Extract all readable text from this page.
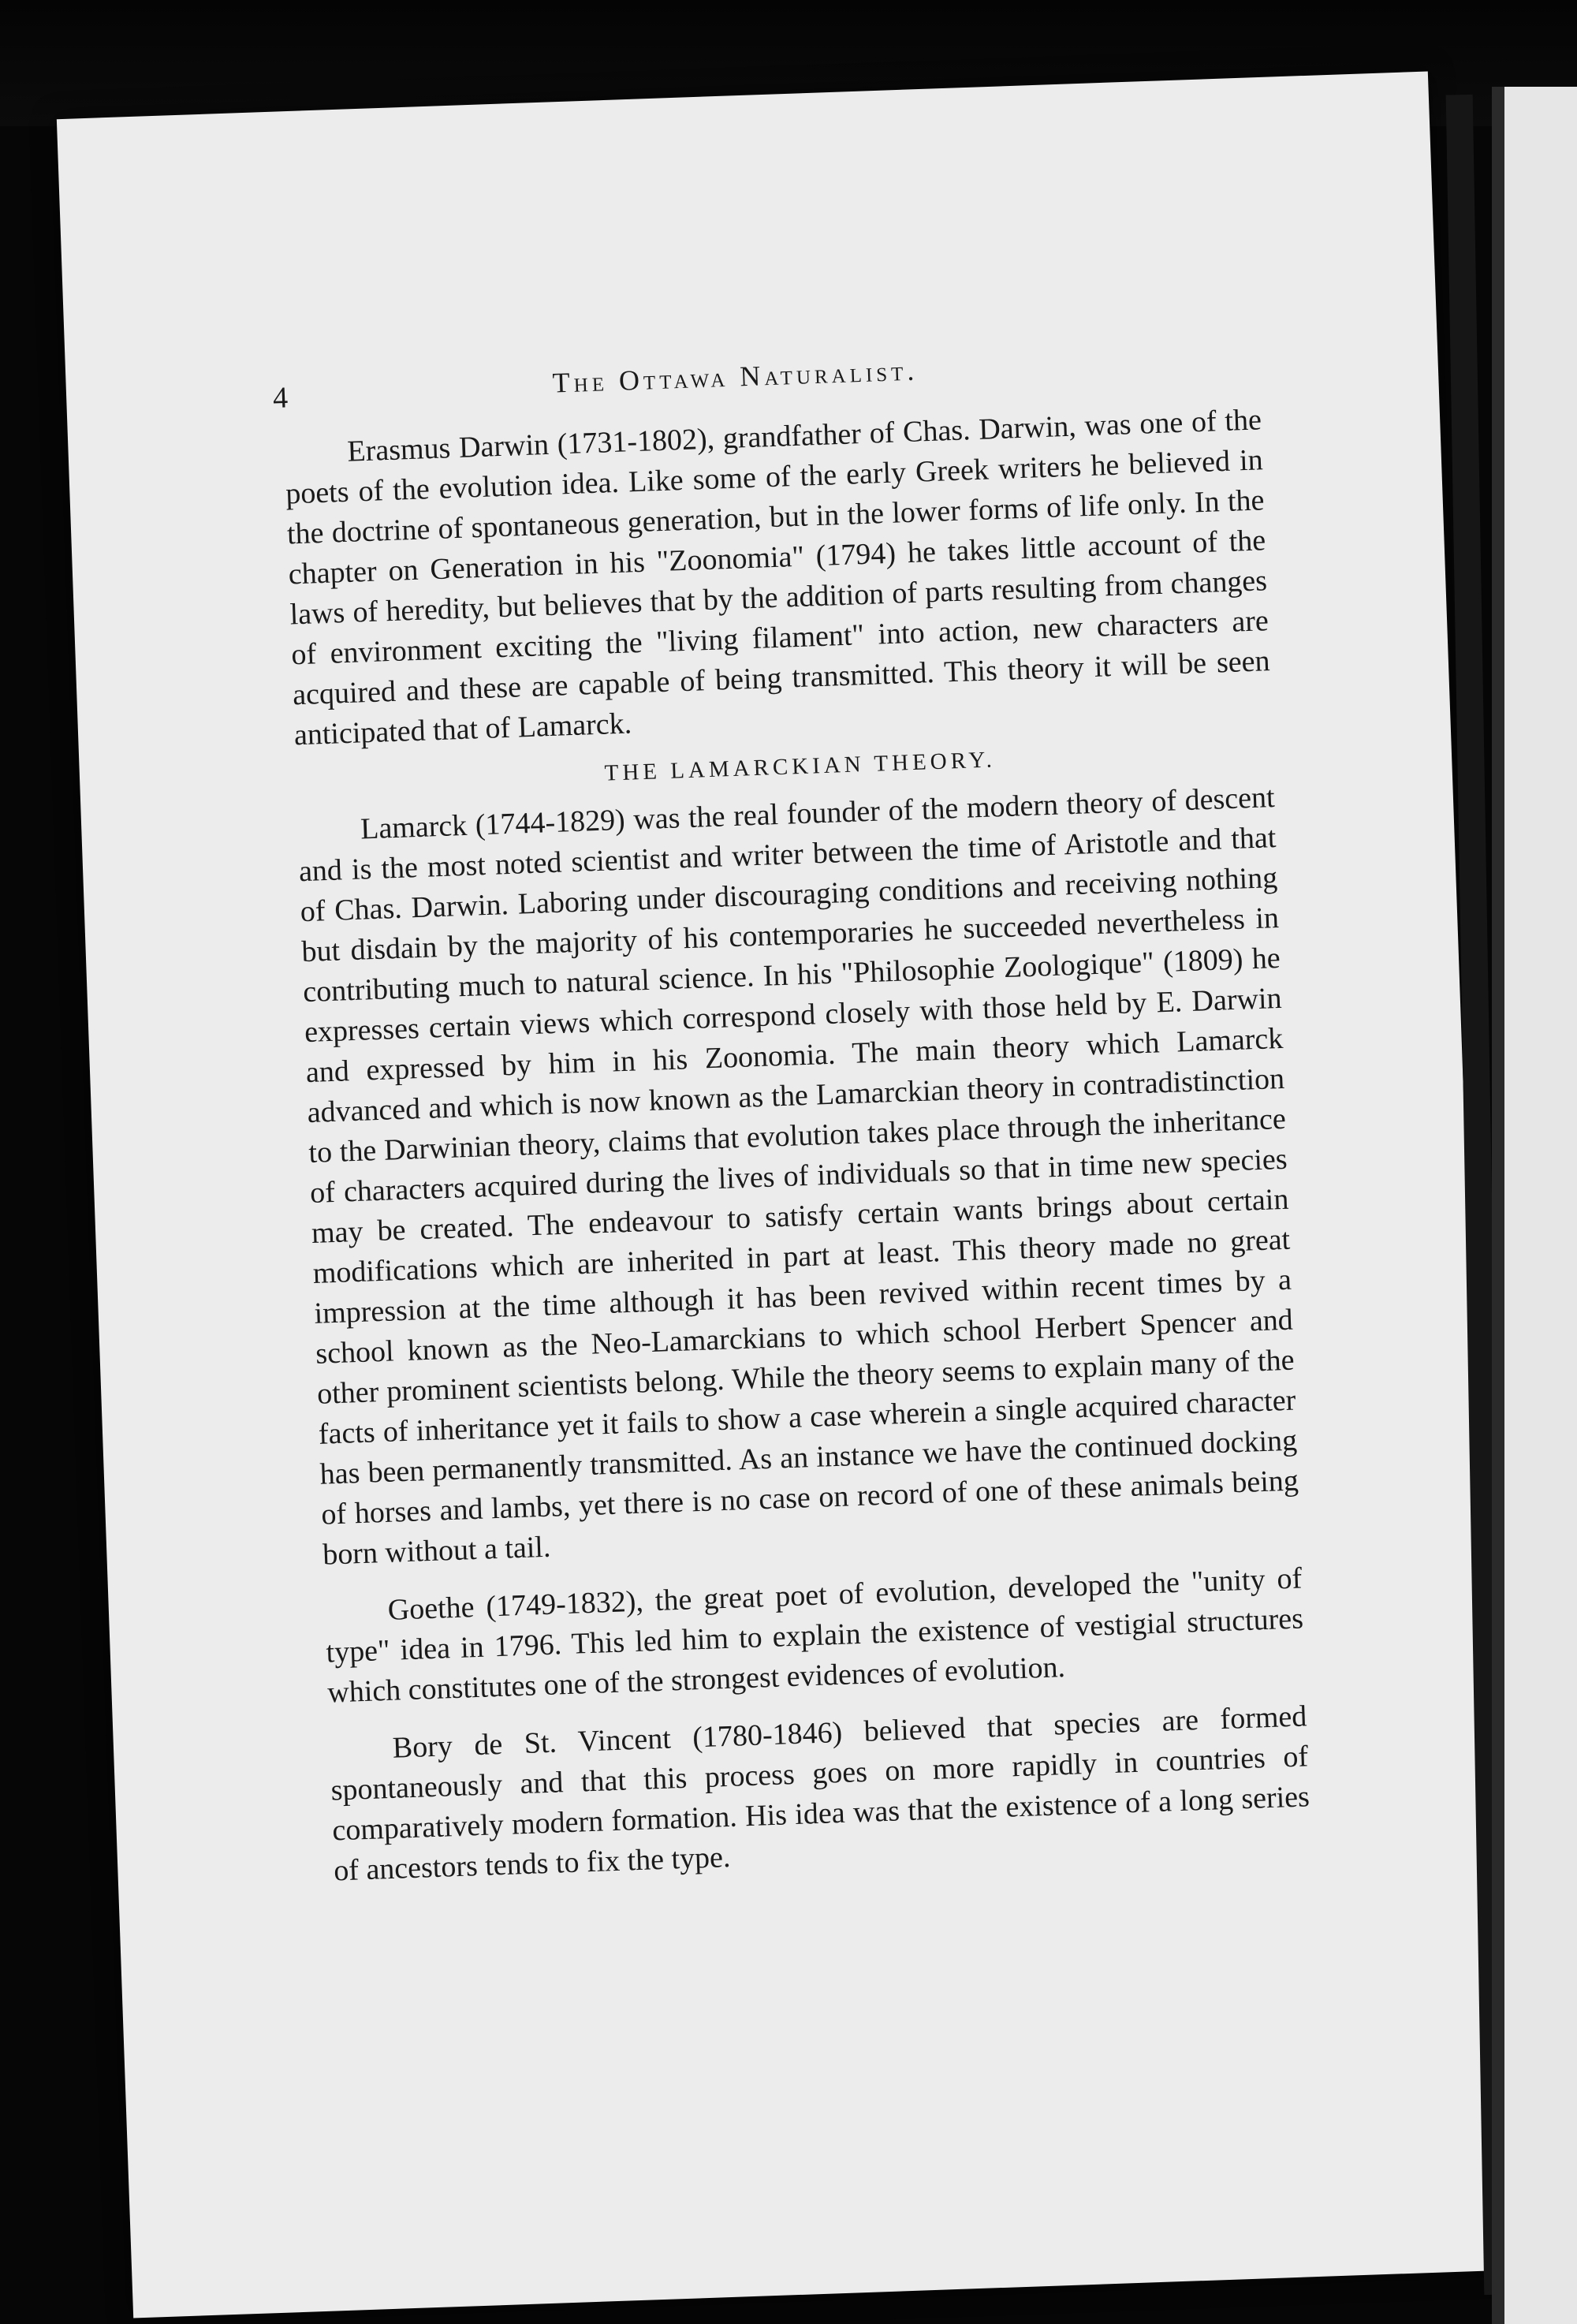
4	The Ottawa Naturalist.

Erasmus Darwin (1731-1802), grandfather of Chas. Darwin, was one of the poets of the evolution idea. Like some of the early Greek writers he believed in the doctrine of spontaneous generation, but in the lower forms of life only. In the chapter on Generation in his "Zoonomia" (1794) he takes little account of the laws of heredity, but believes that by the addition of parts resulting from changes of environment exciting the "living filament" into action, new characters are acquired and these are capable of being transmitted. This theory it will be seen anticipated that of Lamarck.

THE LAMARCKIAN THEORY.

Lamarck (1744-1829) was the real founder of the modern theory of descent and is the most noted scientist and writer between the time of Aristotle and that of Chas. Darwin. Laboring under discouraging conditions and receiving nothing but disdain by the majority of his contemporaries he succeeded nevertheless in contributing much to natural science. In his "Philosophie Zoologique" (1809) he expresses certain views which correspond closely with those held by E. Darwin and expressed by him in his Zoonomia. The main theory which Lamarck advanced and which is now known as the Lamarckian theory in contradistinction to the Darwinian theory, claims that evolution takes place through the inheritance of characters acquired during the lives of individuals so that in time new species may be created. The endeavour to satisfy certain wants brings about certain modifications which are inherited in part at least. This theory made no great impression at the time although it has been revived within recent times by a school known as the Neo-Lamarckians to which school Herbert Spencer and other prominent scientists belong. While the theory seems to explain many of the facts of inheritance yet it fails to show a case wherein a single acquired character has been permanently transmitted. As an instance we have the continued docking of horses and lambs, yet there is no case on record of one of these animals being born without a tail.

Goethe (1749-1832), the great poet of evolution, developed the "unity of type" idea in 1796. This led him to explain the existence of vestigial structures which constitutes one of the strongest evidences of evolution.

Bory de St. Vincent (1780-1846) believed that species are formed spontaneously and that this process goes on more rapidly in countries of comparatively modern formation. His idea was that the existence of a long series of ancestors tends to fix the type.
